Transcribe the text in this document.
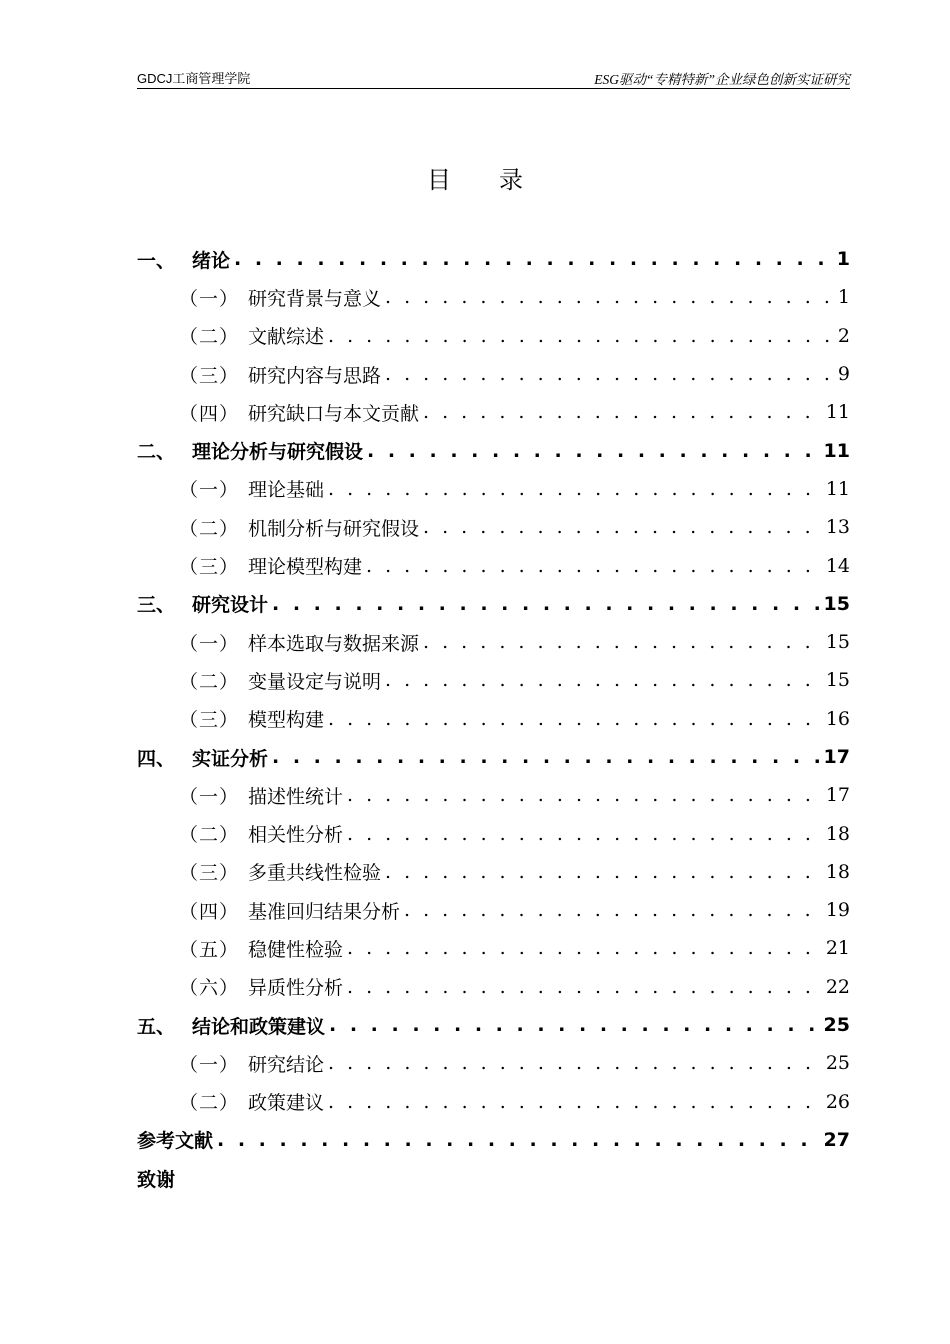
GDCJ工商管理学院	ESG驱动“专精特新”企业绿色创新实证研究
目录
一、 绪论 . . .	1
（一） 研究背景与意义 . . .	1
（二） 文献综述 . . .	2
（三） 研究内容与思路 . . .	9
（四） 研究缺口与本文贡献 . . .	11
二、 理论分析与研究假设 . . .	11
（一） 理论基础 . . .	11
（二） 机制分析与研究假设 . . .	13
（三） 理论模型构建 . . .	14
三、 研究设计 . . .	15
（一） 样本选取与数据来源 . . .	15
（二） 变量设定与说明 . . .	15
（三） 模型构建 . . .	16
四、 实证分析 . . .	17
（一） 描述性统计 . . .	17
（二） 相关性分析 . . .	18
（三） 多重共线性检验 . . .	18
（四） 基准回归结果分析 . . .	19
（五） 稳健性检验 . . .	21
（六） 异质性分析 . . .	22
五、 结论和政策建议 . . .	25
（一） 研究结论 . . .	25
（二） 政策建议 . . .	26
参考文献 . . .	27
致谢
